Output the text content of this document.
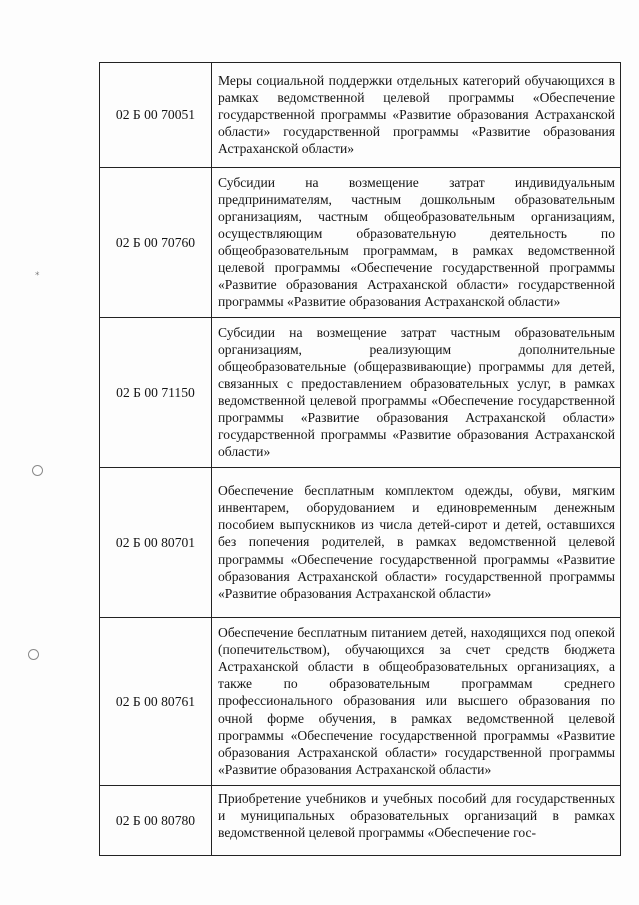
⁎
02 Б 00 70051	Меры социальной поддержки отдельных категорий обучающихся в рамках ведомственной целевой программы «Обеспечение государственной программы «Развитие образования Астраханской области» государственной программы «Развитие образования Астраханской области»
02 Б 00 70760	Субсидии на возмещение затрат индивидуальным предпринимателям, частным дошкольным образовательным организациям, частным общеобразовательным организациям, осуществляющим образовательную деятельность по общеобразовательным программам, в рамках ведомственной целевой программы «Обеспечение государственной программы «Развитие образования Астраханской области» государственной программы «Развитие образования Астраханской области»
02 Б 00 71150	Субсидии на возмещение затрат частным образовательным организациям, реализующим дополнительные общеобразовательные (общеразвивающие) программы для детей, связанных с предоставлением образовательных услуг, в рамках ведомственной целевой программы «Обеспечение государственной программы «Развитие образования Астраханской области» государственной программы «Развитие образования Астраханской области»
02 Б 00 80701	Обеспечение бесплатным комплектом одежды, обуви, мягким инвентарем, оборудованием и единовременным денежным пособием выпускников из числа детей-сирот и детей, оставшихся без попечения родителей, в рамках ведомственной целевой программы «Обеспечение государственной программы «Развитие образования Астраханской области» государственной программы «Развитие образования Астраханской области»
02 Б 00 80761	Обеспечение бесплатным питанием детей, находящихся под опекой (попечительством), обучающихся за счет средств бюджета Астраханской области в общеобразовательных организациях, а также по образовательным программам среднего профессионального образования или высшего образования по очной форме обучения, в рамках ведомственной целевой программы «Обеспечение государственной программы «Развитие образования Астраханской области» государственной программы «Развитие образования Астраханской области»
02 Б 00 80780	Приобретение учебников и учебных пособий для государственных и муниципальных образовательных организаций в рамках ведомственной целевой программы «Обеспечение гос-
